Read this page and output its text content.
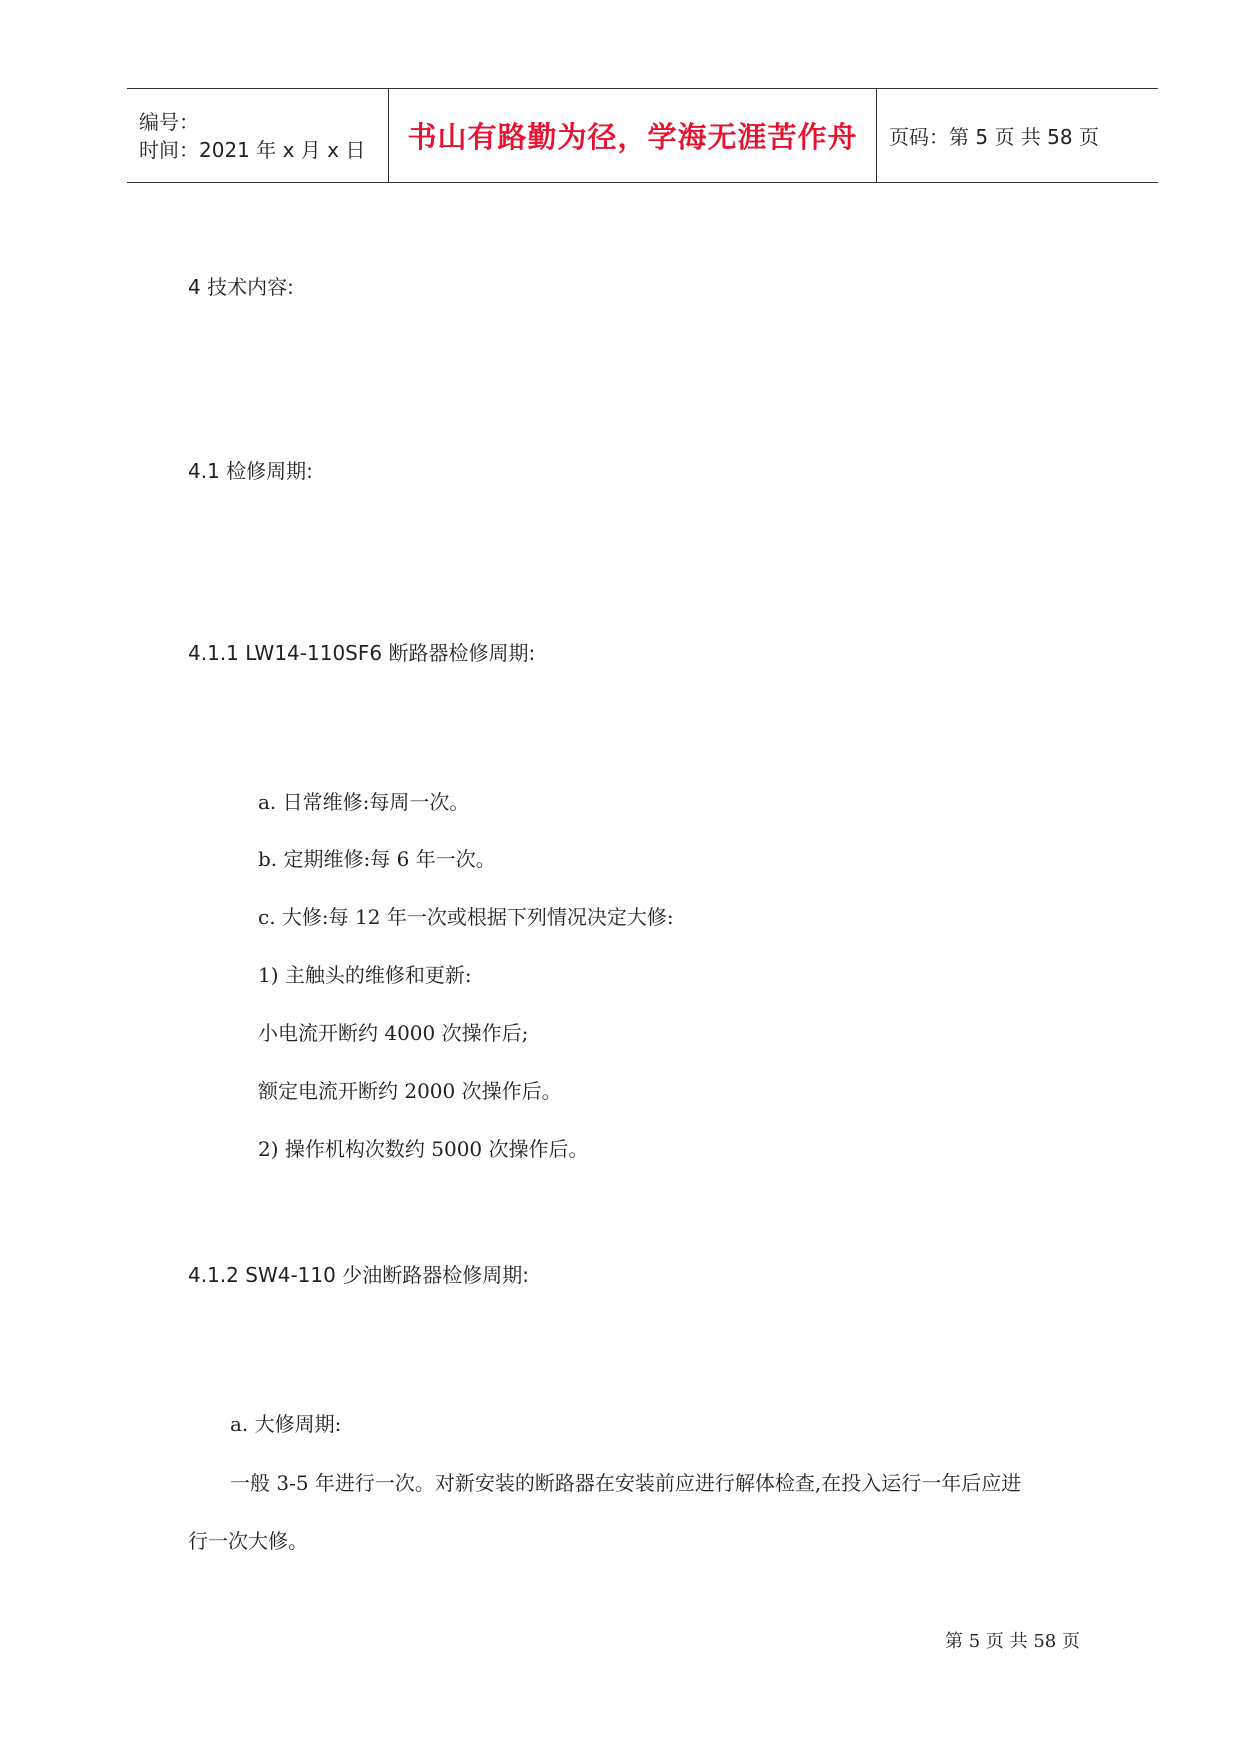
编号：
时间：2021 年 x 月 x 日	书山有路勤为径，学海无涯苦作舟 页码：第 5 页 共 58 页
4 技术内容:
4.1 检修周期:
4.1.1 LW14-110SF6 断路器检修周期:
a. 日常维修:每周一次。
b. 定期维修:每 6 年一次。
c. 大修:每 12 年一次或根据下列情况决定大修:
1) 主触头的维修和更新:
小电流开断约 4000 次操作后;
额定电流开断约 2000 次操作后。
2) 操作机构次数约 5000 次操作后。
4.1.2 SW4-110 少油断路器检修周期:
a. 大修周期:
一般 3-5 年进行一次。对新安装的断路器在安装前应进行解体检查,在投入运行一年后应进
行一次大修。
第 5 页 共 58 页
